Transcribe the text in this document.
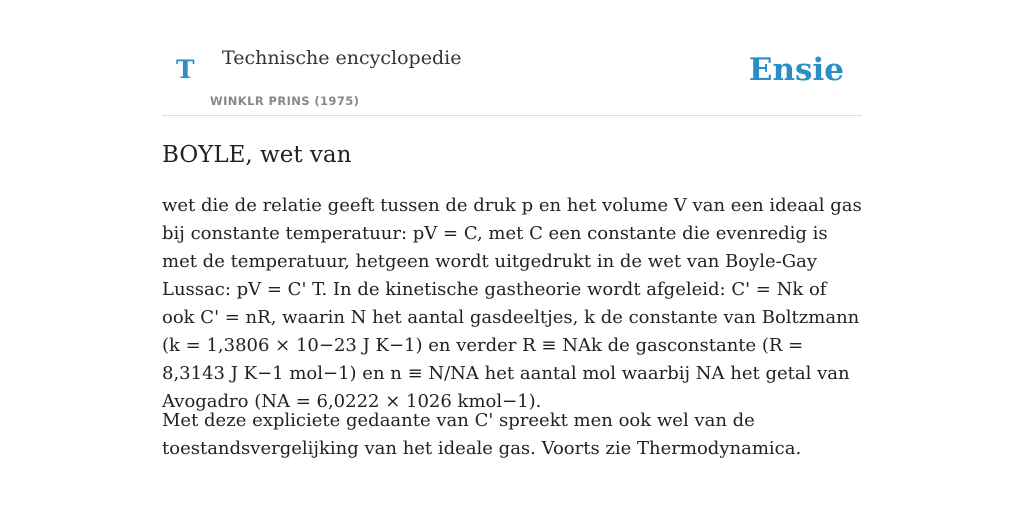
T Technische encyclopedie
WINKLR PRINS (1975)
Ensie
BOYLE, wet van

wet die de relatie geeft tussen de druk p en het volume V van een ideaal gas bij constante temperatuur: pV = C, met C een constante die evenredig is met de temperatuur, hetgeen wordt uitgedrukt in de wet van Boyle-Gay Lussac: pV = C' T. In de kinetische gastheorie wordt afgeleid: C' = Nk of ook C' = nR, waarin N het aantal gasdeeltjes, k de constante van Boltzmann (k = 1,3806 × 10−23 J K−1) en verder R ≡ NAk de gasconstante (R = 8,3143 J K−1 mol−1) en n ≡ N/NA het aantal mol waarbij NA het getal van Avogadro (NA = 6,0222 × 1026 kmol−1).

Met deze expliciete gedaante van C' spreekt men ook wel van de toestandsvergelijking van het ideale gas. Voorts zie Thermodynamica.
